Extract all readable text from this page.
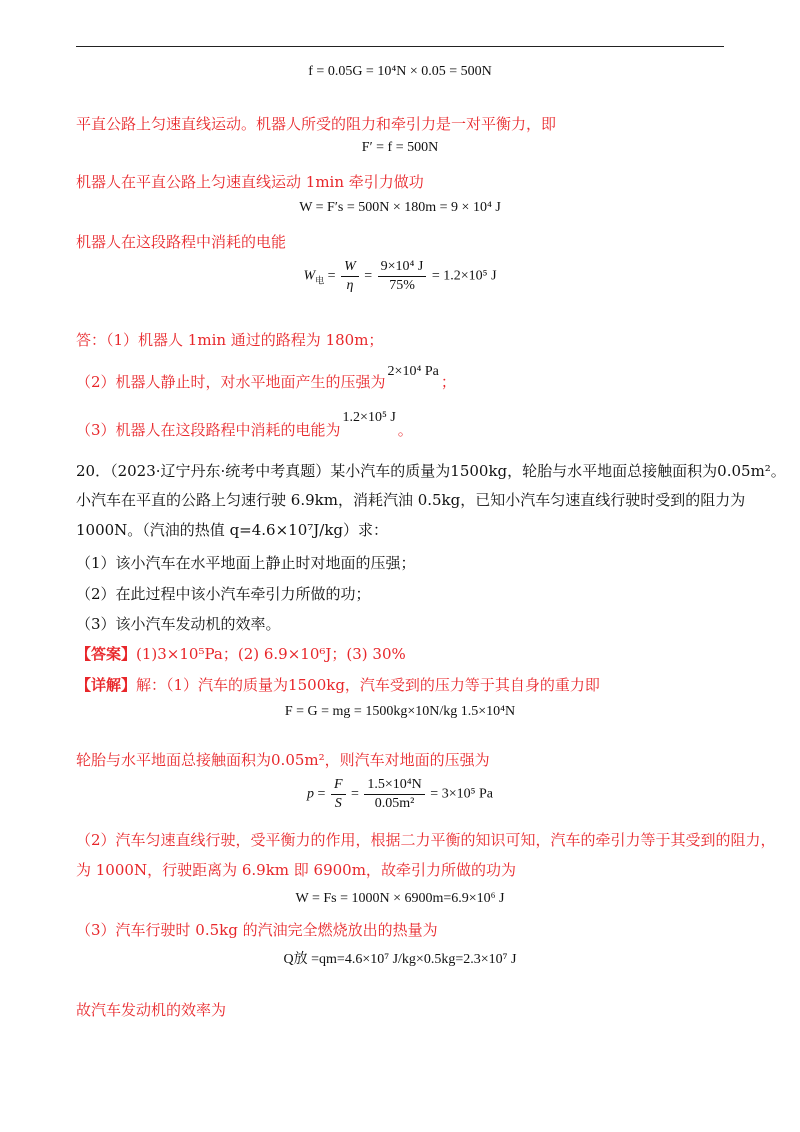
f = 0.05G = 10⁴N × 0.05 = 500N
平直公路上匀速直线运动。机器人所受的阻力和牵引力是一对平衡力，即
F′ = f = 500N
机器人在平直公路上匀速直线运动 1min 牵引力做功
W = F′s = 500N × 180m = 9 × 10⁴ J
机器人在这段路程中消耗的电能
$W_电 = \frac{W}{\eta} = \frac{\text{9×10⁴ J}}{75\%} = 1.2\times 10^5$ J
答：（1）机器人 1min 通过的路程为 180m；
（2）机器人静止时，对水平地面产生的压强为2×10⁴ Pa；
（3）机器人在这段路程中消耗的电能为1.2×10⁵ J。
20．（2023·辽宁丹东·统考中考真题）某小汽车的质量为1500kg，轮胎与水平地面总接触面积为0.05m²。
小汽车在平直的公路上匀速行驶 6.9km，消耗汽油 0.5kg，已知小汽车匀速直线行驶时受到的阻力为
1000N。（汽油的热值 q=4.6×10⁷J/kg）求：
（1）该小汽车在水平地面上静止时对地面的压强；
（2）在此过程中该小汽车牵引力所做的功；
（3）该小汽车发动机的效率。
【答案】(1)3×10⁵Pa；(2) 6.9×10⁶J；(3) 30%
【详解】解：（1）汽车的质量为1500kg，汽车受到的压力等于其自身的重力即
F = G = mg = 1500kg×10N/kg 1.5×10⁴N
轮胎与水平地面总接触面积为0.05m²，则汽车对地面的压强为
$p = \frac{F}{S} = \frac{\text{1.5×10⁴N}}{\text{0.05m²}} = 3\times 10^5$ Pa
（2）汽车匀速直线行驶，受平衡力的作用，根据二力平衡的知识可知，汽车的牵引力等于其受到的阻力，
为 1000N，行驶距离为 6.9km 即 6900m，故牵引力所做的功为
W = Fs = 1000N × 6900m=6.9×10⁶ J
（3）汽车行驶时 0.5kg 的汽油完全燃烧放出的热量为
Q放 =qm=4.6×10⁷ J/kg×0.5kg=2.3×10⁷ J
故汽车发动机的效率为
